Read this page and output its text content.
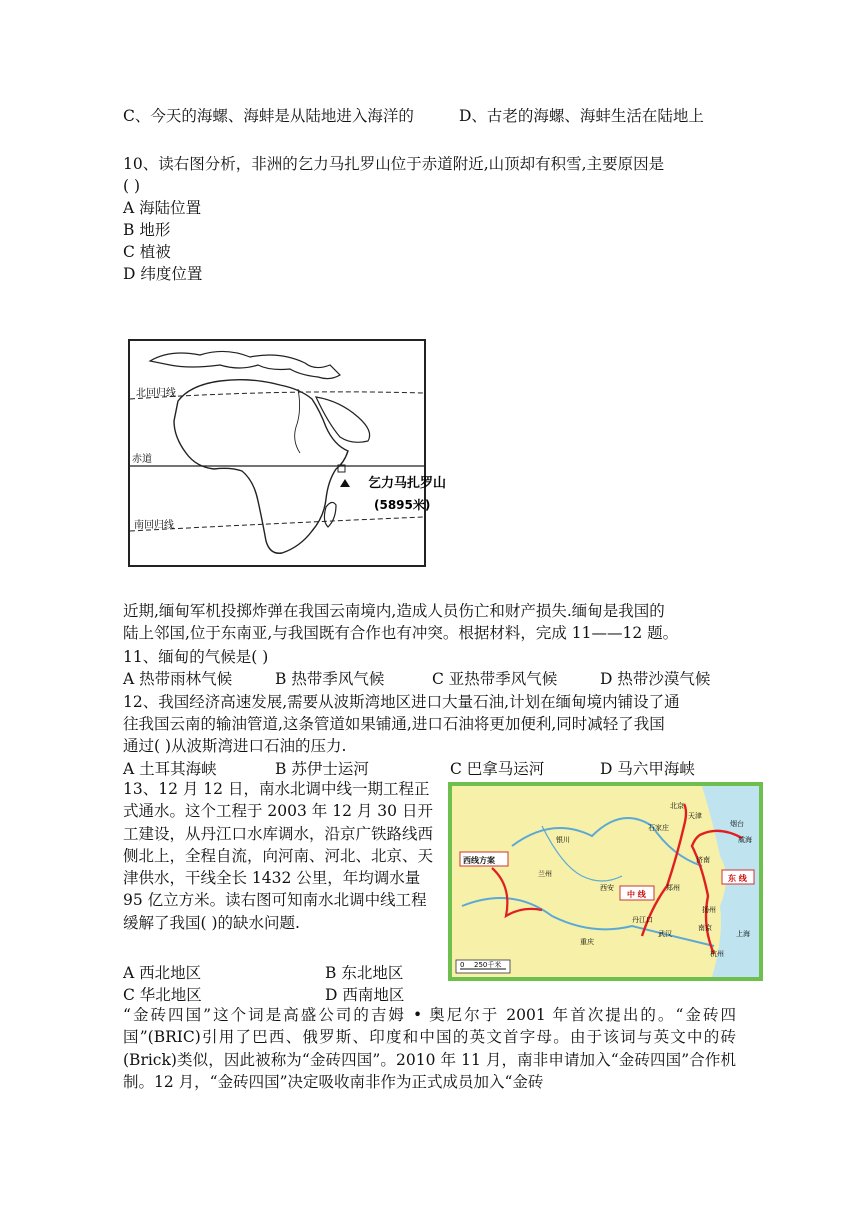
C、今天的海螺、海蚌是从陆地进入海洋的	D、古老的海螺、海蚌生活在陆地上
10、读右图分析，非洲的乞力马扎罗山位于赤道附近,山顶却有积雪,主要原因是
( )
A 海陆位置
B 地形
C 植被
D 纬度位置
北回归线
赤道
南回归线
乞力马扎罗山
(5895米)
近期,缅甸军机投掷炸弹在我国云南境内,造成人员伤亡和财产损失.缅甸是我国的
陆上邻国,位于东南亚,与我国既有合作也有冲突。根据材料，完成 11——12 题。
11、缅甸的气候是( )
A 热带雨林气候	B 热带季风气候	C 亚热带季风气候	D 热带沙漠气候
12、我国经济高速发展,需要从波斯湾地区进口大量石油,计划在缅甸境内铺设了通
往我国云南的输油管道,这条管道如果铺通,进口石油将更加便利,同时减轻了我国
通过( )从波斯湾进口石油的压力.
A 土耳其海峡	B 苏伊士运河	C 巴拿马运河	D 马六甲海峡
13、12 月 12 日，南水北调中线一期工程正式通水。这个工程于 2003 年 12 月 30 日开工建设，从丹江口水库调水，沿京广铁路线西侧北上，全程自流，向河南、河北、北京、天津供水，干线全长 1432 公里，年均调水量 95 亿立方米。读右图可知南水北调中线工程缓解了我国( )的缺水问题.
A 西北地区	B 东北地区
C 华北地区	D 西南地区
西线方案
中 线
东 线
北京
天津
石家庄
银川
兰州
西安	郑州
济南
丹江口
武汉
重庆
南京
扬州
杭州
上海
烟台
威海
0 250千米
“金砖四国”这个词是高盛公司的吉姆 • 奥尼尔于 2001 年首次提出的。“金砖四国”(BRIC)引用了巴西、俄罗斯、印度和中国的英文首字母。由于该词与英文中的砖(Brick)类似，因此被称为“金砖四国”。2010 年 11 月，南非申请加入“金砖四国”合作机制。12 月，“金砖四国”决定吸收南非作为正式成员加入“金砖
